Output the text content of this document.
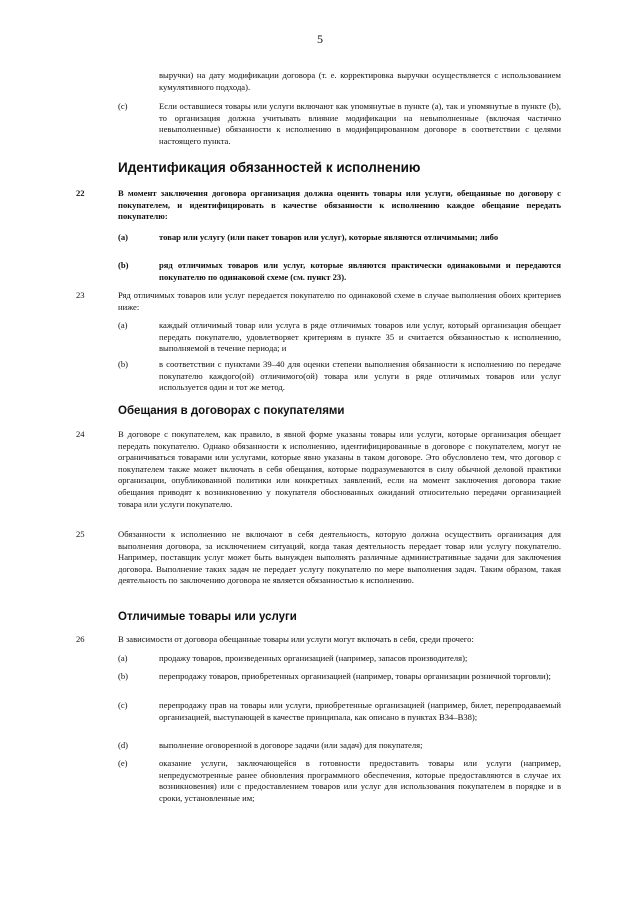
5
выручки) на дату модификации договора (т. е. корректировка выручки осуществляется с использованием кумулятивного подхода).
(c)	Если оставшиеся товары или услуги включают как упомянутые в пункте (а), так и упомянутые в пункте (b), то организация должна учитывать влияние модификации на невыполненные (включая частично невыполненные) обязанности к исполнению в модифицированном договоре в соответствии с целями настоящего пункта.
Идентификация обязанностей к исполнению
22	В момент заключения договора организация должна оценить товары или услуги, обещанные по договору с покупателем, и идентифицировать в качестве обязанности к исполнению каждое обещание передать покупателю:
(a)	товар или услугу (или пакет товаров или услуг), которые являются отличимыми; либо
(b)	ряд отличимых товаров или услуг, которые являются практически одинаковыми и передаются покупателю по одинаковой схеме (см. пункт 23).
23	Ряд отличимых товаров или услуг передается покупателю по одинаковой схеме в случае выполнения обоих критериев ниже:
(a)	каждый отличимый товар или услуга в ряде отличимых товаров или услуг, который организация обещает передать покупателю, удовлетворяет критериям в пункте 35 и считается обязанностью к исполнению, выполняемой в течение периода; и
(b)	в соответствии с пунктами 39–40 для оценки степени выполнения обязанности к исполнению по передаче покупателю каждого(ой) отличимого(ой) товара или услуги в ряде отличимых товаров или услуг используется один и тот же метод.
Обещания в договорах с покупателями
24	В договоре с покупателем, как правило, в явной форме указаны товары или услуги, которые организация обещает передать покупателю. Однако обязанности к исполнению, идентифицированные в договоре с покупателем, могут не ограничиваться товарами или услугами, которые явно указаны в таком договоре. Это обусловлено тем, что договор с покупателем также может включать в себя обещания, которые подразумеваются в силу обычной деловой практики организации, опубликованной политики или конкретных заявлений, если на момент заключения договора такие обещания приводят к возникновению у покупателя обоснованных ожиданий относительно передачи организацией товара или услуги покупателю.
25	Обязанности к исполнению не включают в себя деятельность, которую должна осуществить организация для выполнения договора, за исключением ситуаций, когда такая деятельность передает товар или услугу покупателю. Например, поставщик услуг может быть вынужден выполнять различные административные задачи для заключения договора. Выполнение таких задач не передает услугу покупателю по мере выполнения задач. Таким образом, такая деятельность по заключению договора не является обязанностью к исполнению.
Отличимые товары или услуги
26	В зависимости от договора обещанные товары или услуги могут включать в себя, среди прочего:
(a)	продажу товаров, произведенных организацией (например, запасов производителя);
(b)	перепродажу товаров, приобретенных организацией (например, товары организации розничной торговли);
(c)	перепродажу прав на товары или услуги, приобретенные организацией (например, билет, перепродаваемый организацией, выступающей в качестве принципала, как описано в пунктах B34–B38);
(d)	выполнение оговоренной в договоре задачи (или задач) для покупателя;
(e)	оказание услуги, заключающейся в готовности предоставить товары или услуги (например, непредусмотренные ранее обновления программного обеспечения, которые предоставляются в случае их возникновения) или с предоставлением товаров или услуг для использования покупателем в порядке и в сроки, установленные им;
